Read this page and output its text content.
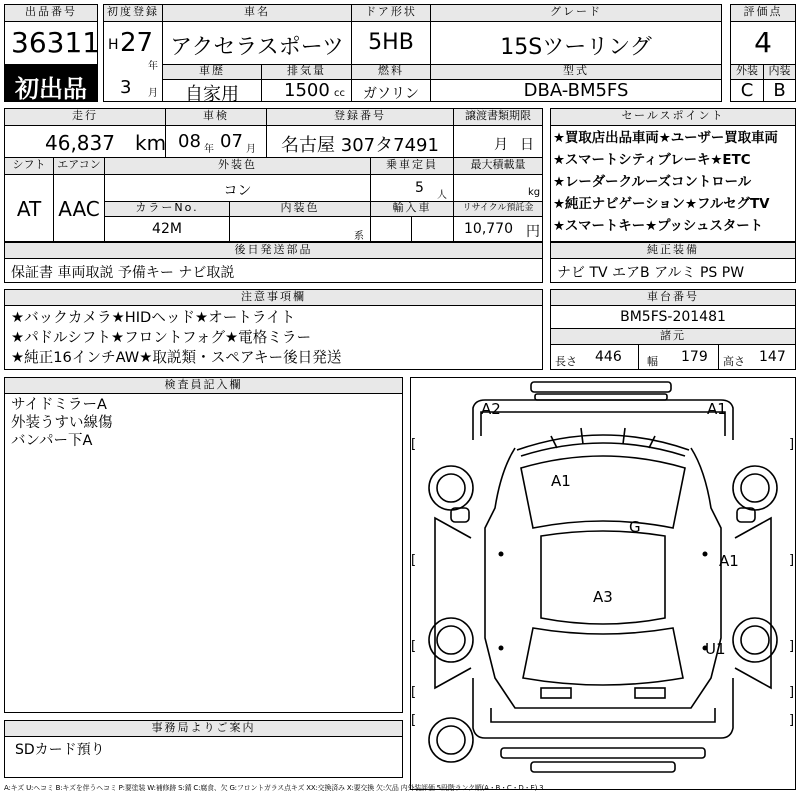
出品番号
36311
初出品
初度登録
H 27
年
3 月
車名
アクセラスポーツ
ドア形状
5HB
グレード
15Sツーリング
評価点
4
車歴
自家用
排気量
1500 cc
燃料
ガソリン
型式
DBA-BM5FS
外装
C
内装
B
走行
46,837 km
車検
08 年 07 月
登録番号
名古屋 307タ7491
譲渡書類期限
月 日
シフト
AT
エアコン
AAC
外装色
コン
乗車定員
5 人
最大積載量
kg
カラーNo.
42M
内装色
系
輸入車	リサイクル預託金
10,770 円
セールスポイント
★買取店出品車両★ユーザー買取車両
★スマートシティブレーキ★ETC
★レーダークルーズコントロール
★純正ナビゲーション★フルセグTV
★スマートキー★プッシュスタート
後日発送部品
保証書 車両取説 予備キー ナビ取説
純正装備
ナビ TV エアB アルミ PS PW
注意事項欄
★バックカメラ★HIDヘッド★オートライト
★パドルシフト★フロントフォグ★電格ミラー
★純正16インチAW★取説類・スペアキー後日発送
車台番号
BM5FS-201481
諸元
長さ 446 幅 179 高さ 147
検査員記入欄
サイドミラーA
外装うすい線傷
バンパー下A	[	]
[	]
[	]
[	]
[	]
A2	A1
A1
G
A1
A3
U1
事務局よりご案内
SDカード預り
A:キズ U:ヘコミ B:キズを伴うヘコミ P:要塗装 W:補修跡 S:錆 C:腐食、欠 G:フロントガラス点キズ XX:交換済み X:要交換 欠:欠品 内外装評価 5段階ランク順(A・B・C・D・E) 3
